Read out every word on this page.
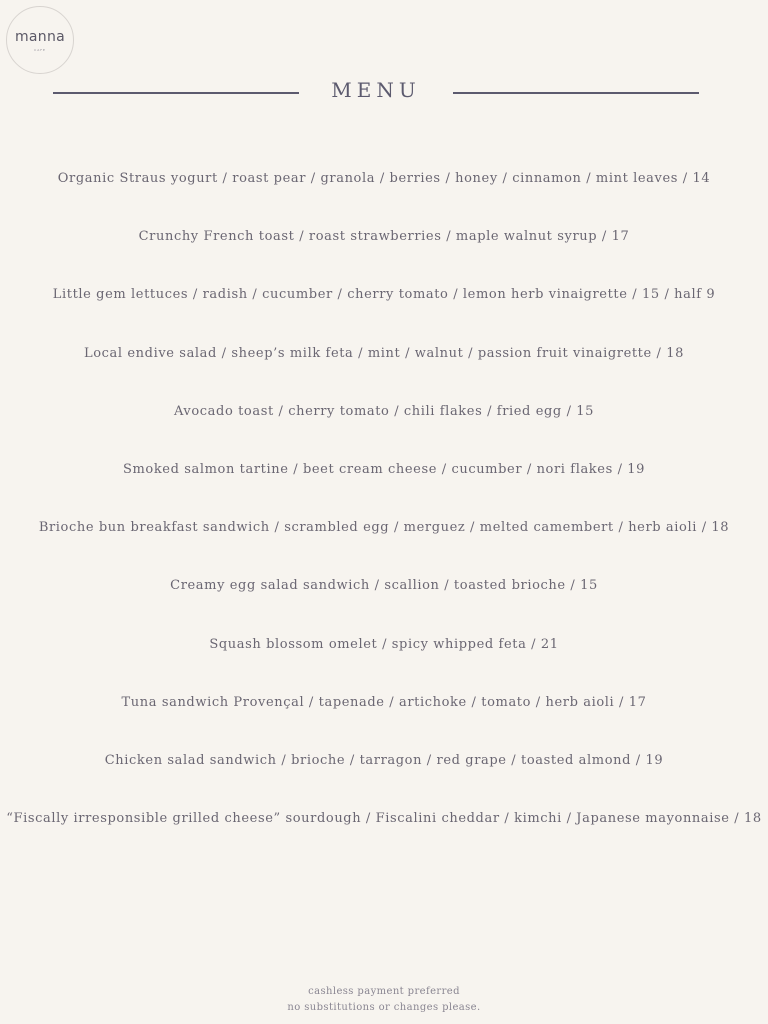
manna
CAFE
MENU
Organic Straus yogurt / roast pear / granola / berries / honey / cinnamon / mint leaves / 14
Crunchy French toast / roast strawberries / maple walnut syrup / 17
Little gem lettuces / radish / cucumber / cherry tomato / lemon herb vinaigrette / 15 / half 9
Local endive salad / sheep’s milk feta / mint / walnut / passion fruit vinaigrette / 18
Avocado toast / cherry tomato / chili flakes / fried egg / 15
Smoked salmon tartine / beet cream cheese / cucumber / nori flakes / 19
Brioche bun breakfast sandwich / scrambled egg / merguez / melted camembert / herb aioli / 18
Creamy egg salad sandwich / scallion / toasted brioche / 15
Squash blossom omelet / spicy whipped feta / 21
Tuna sandwich Provençal / tapenade / artichoke / tomato / herb aioli / 17
Chicken salad sandwich / brioche / tarragon / red grape / toasted almond / 19
“Fiscally irresponsible grilled cheese” sourdough / Fiscalini cheddar / kimchi / Japanese mayonnaise / 18
cashless payment preferred
no substitutions or changes please.
